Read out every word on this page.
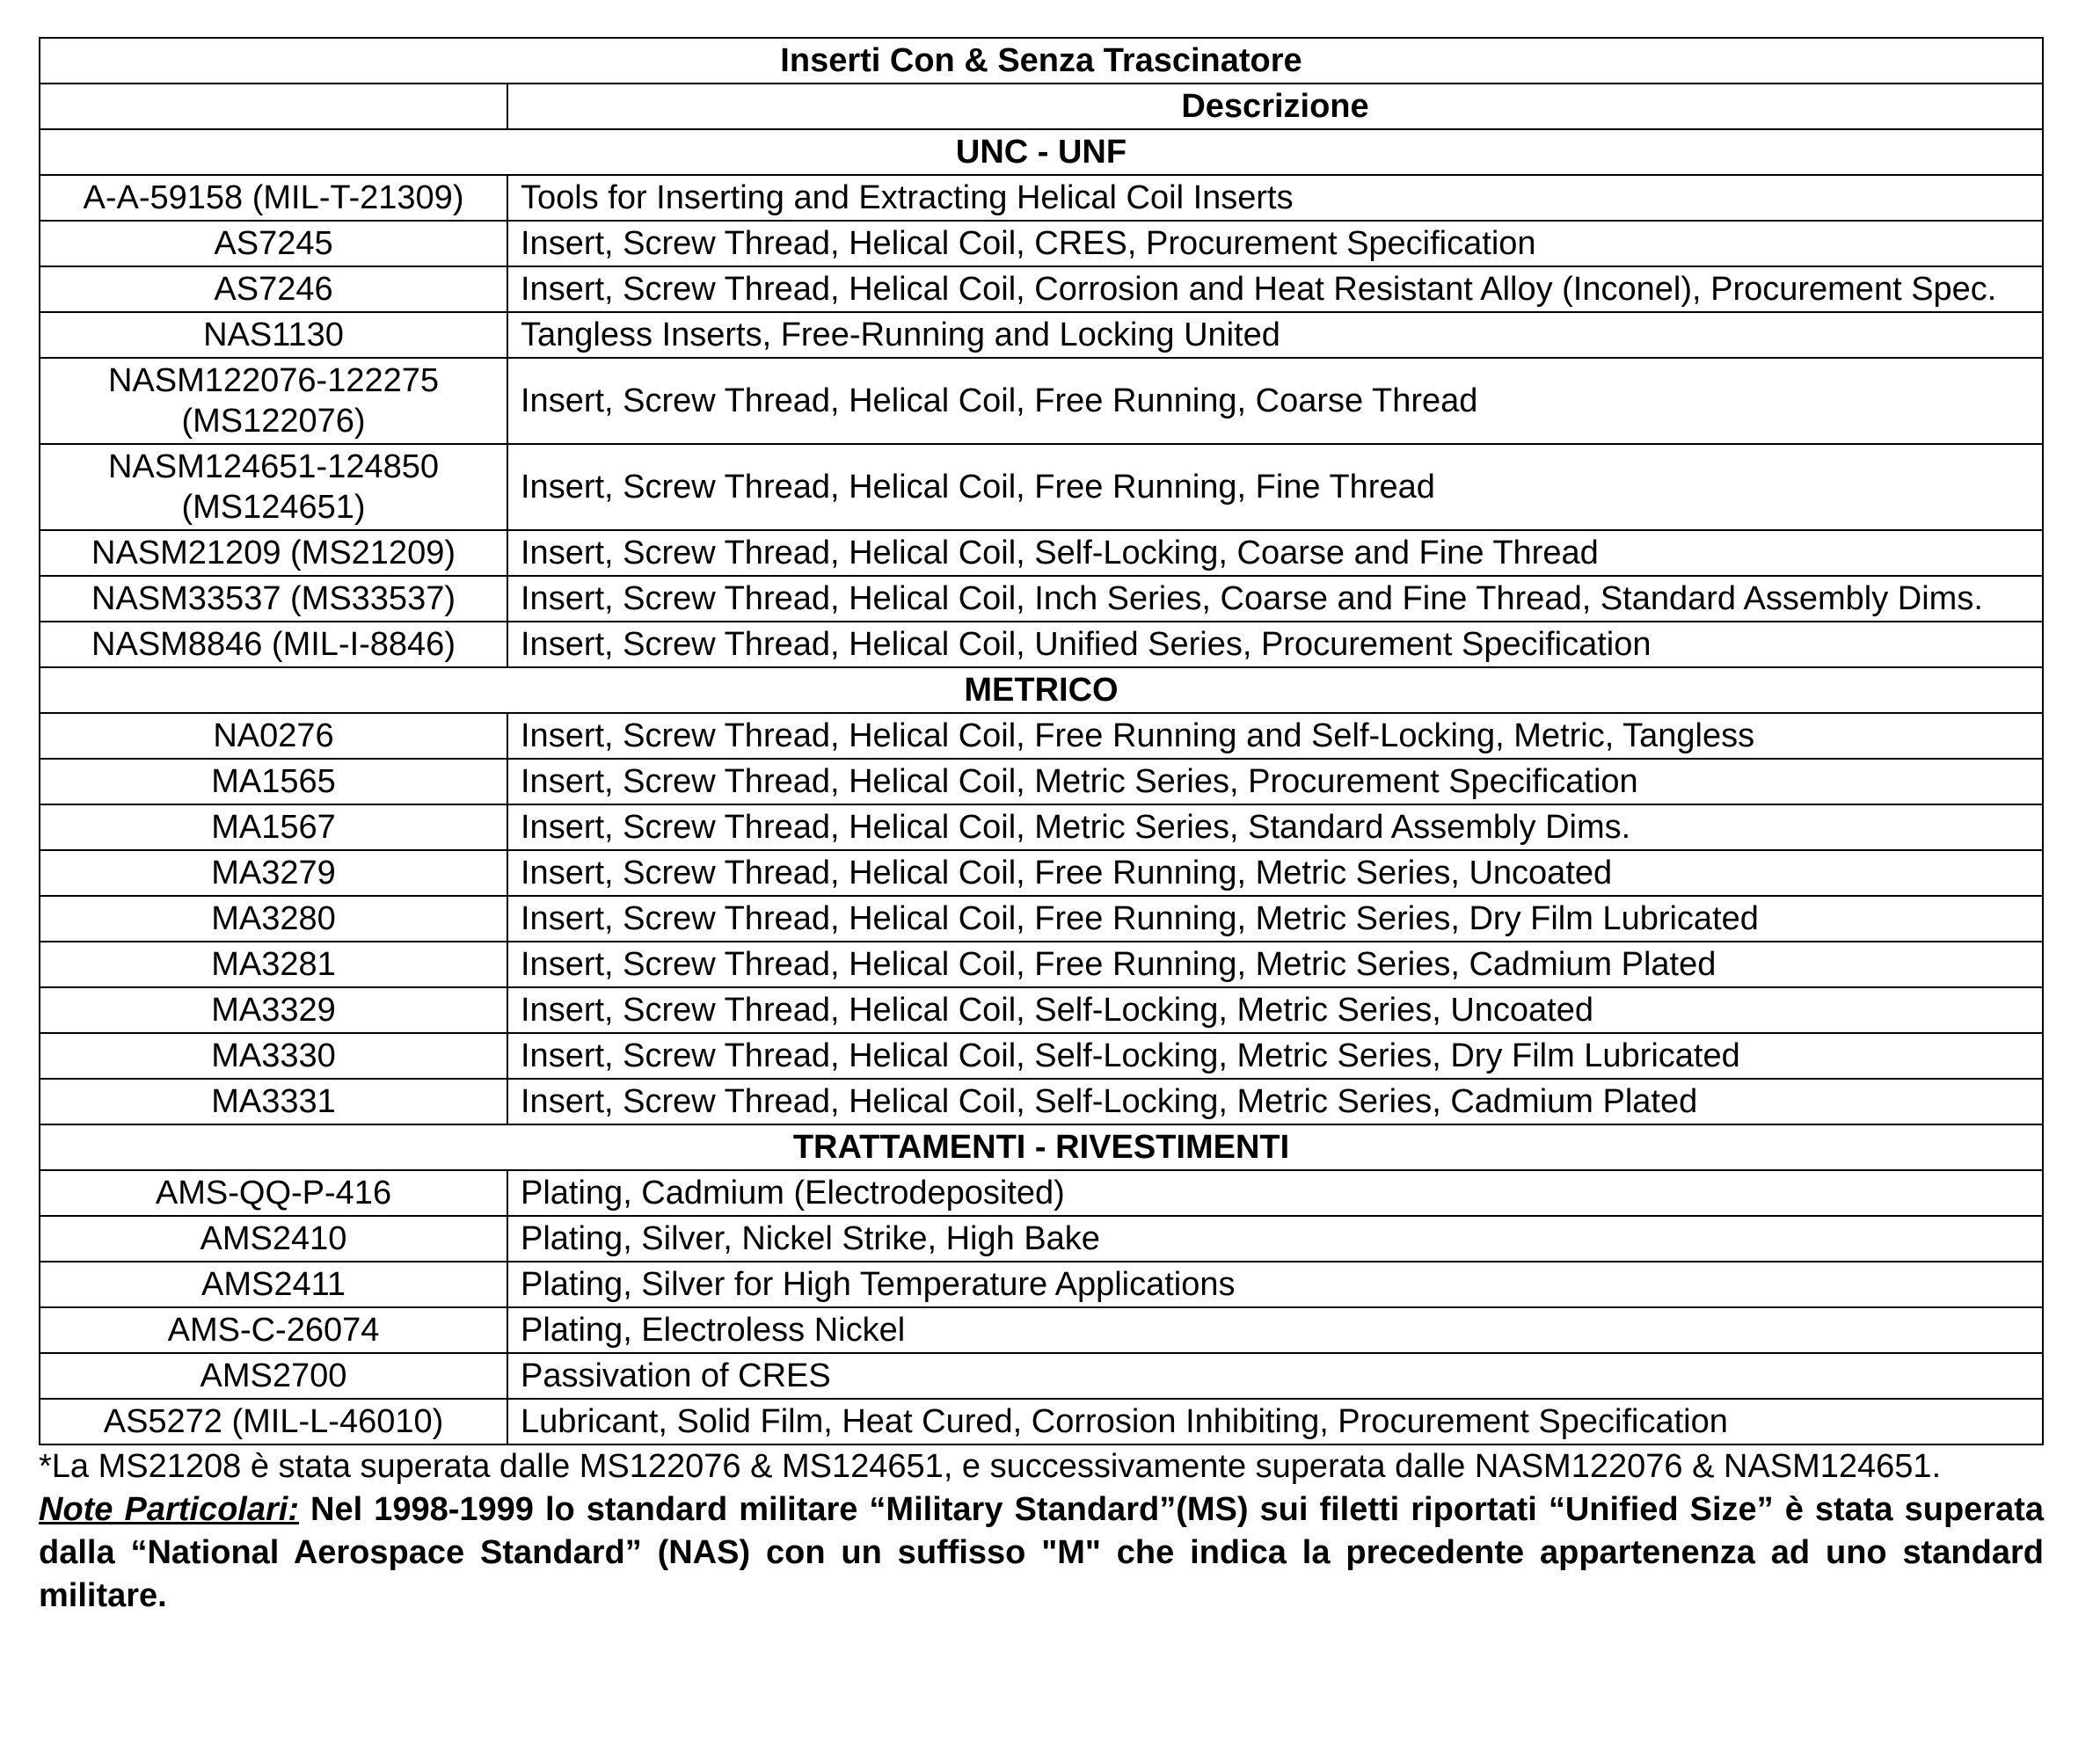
Inserti Con & Senza Trascinatore	
	Descrizione
UNC - UNF	
A-A-59158 (MIL-T-21309)	Tools for Inserting and Extracting Helical Coil Inserts
AS7245	Insert, Screw Thread, Helical Coil, CRES, Procurement Specification
AS7246	Insert, Screw Thread, Helical Coil, Corrosion and Heat Resistant Alloy (Inconel), Procurement Spec.
NAS1130	Tangless Inserts, Free-Running and Locking United
NASM122076-122275 (MS122076)	Insert, Screw Thread, Helical Coil, Free Running, Coarse Thread
NASM124651-124850 (MS124651)	Insert, Screw Thread, Helical Coil, Free Running, Fine Thread
NASM21209 (MS21209)	Insert, Screw Thread, Helical Coil, Self-Locking, Coarse and Fine Thread
NASM33537 (MS33537)	Insert, Screw Thread, Helical Coil, Inch Series, Coarse and Fine Thread, Standard Assembly Dims.
NASM8846 (MIL-I-8846)	Insert, Screw Thread, Helical Coil, Unified Series, Procurement Specification
METRICO	
NA0276	Insert, Screw Thread, Helical Coil, Free Running and Self-Locking, Metric, Tangless
MA1565	Insert, Screw Thread, Helical Coil, Metric Series, Procurement Specification
MA1567	Insert, Screw Thread, Helical Coil, Metric Series, Standard Assembly Dims.
MA3279	Insert, Screw Thread, Helical Coil, Free Running, Metric Series, Uncoated
MA3280	Insert, Screw Thread, Helical Coil, Free Running, Metric Series, Dry Film Lubricated
MA3281	Insert, Screw Thread, Helical Coil, Free Running, Metric Series, Cadmium Plated
MA3329	Insert, Screw Thread, Helical Coil, Self-Locking, Metric Series, Uncoated
MA3330	Insert, Screw Thread, Helical Coil, Self-Locking, Metric Series, Dry Film Lubricated
MA3331	Insert, Screw Thread, Helical Coil, Self-Locking, Metric Series, Cadmium Plated
TRATTAMENTI - RIVESTIMENTI	
AMS-QQ-P-416	Plating, Cadmium (Electrodeposited)
AMS2410	Plating, Silver, Nickel Strike, High Bake
AMS2411	Plating, Silver for High Temperature Applications
AMS-C-26074	Plating, Electroless Nickel
AMS2700	Passivation of CRES
AS5272 (MIL-L-46010)	Lubricant, Solid Film, Heat Cured, Corrosion Inhibiting, Procurement Specification

*La MS21208 è stata superata dalle MS122076 & MS124651, e successivamente superata dalle NASM122076 & NASM124651.

Note Particolari: Nel 1998-1999 lo standard militare “Military Standard”(MS) sui filetti riportati “Unified Size” è stata superata dalla “National Aerospace Standard” (NAS) con un suffisso "M" che indica la precedente appartenenza ad uno standard militare.
